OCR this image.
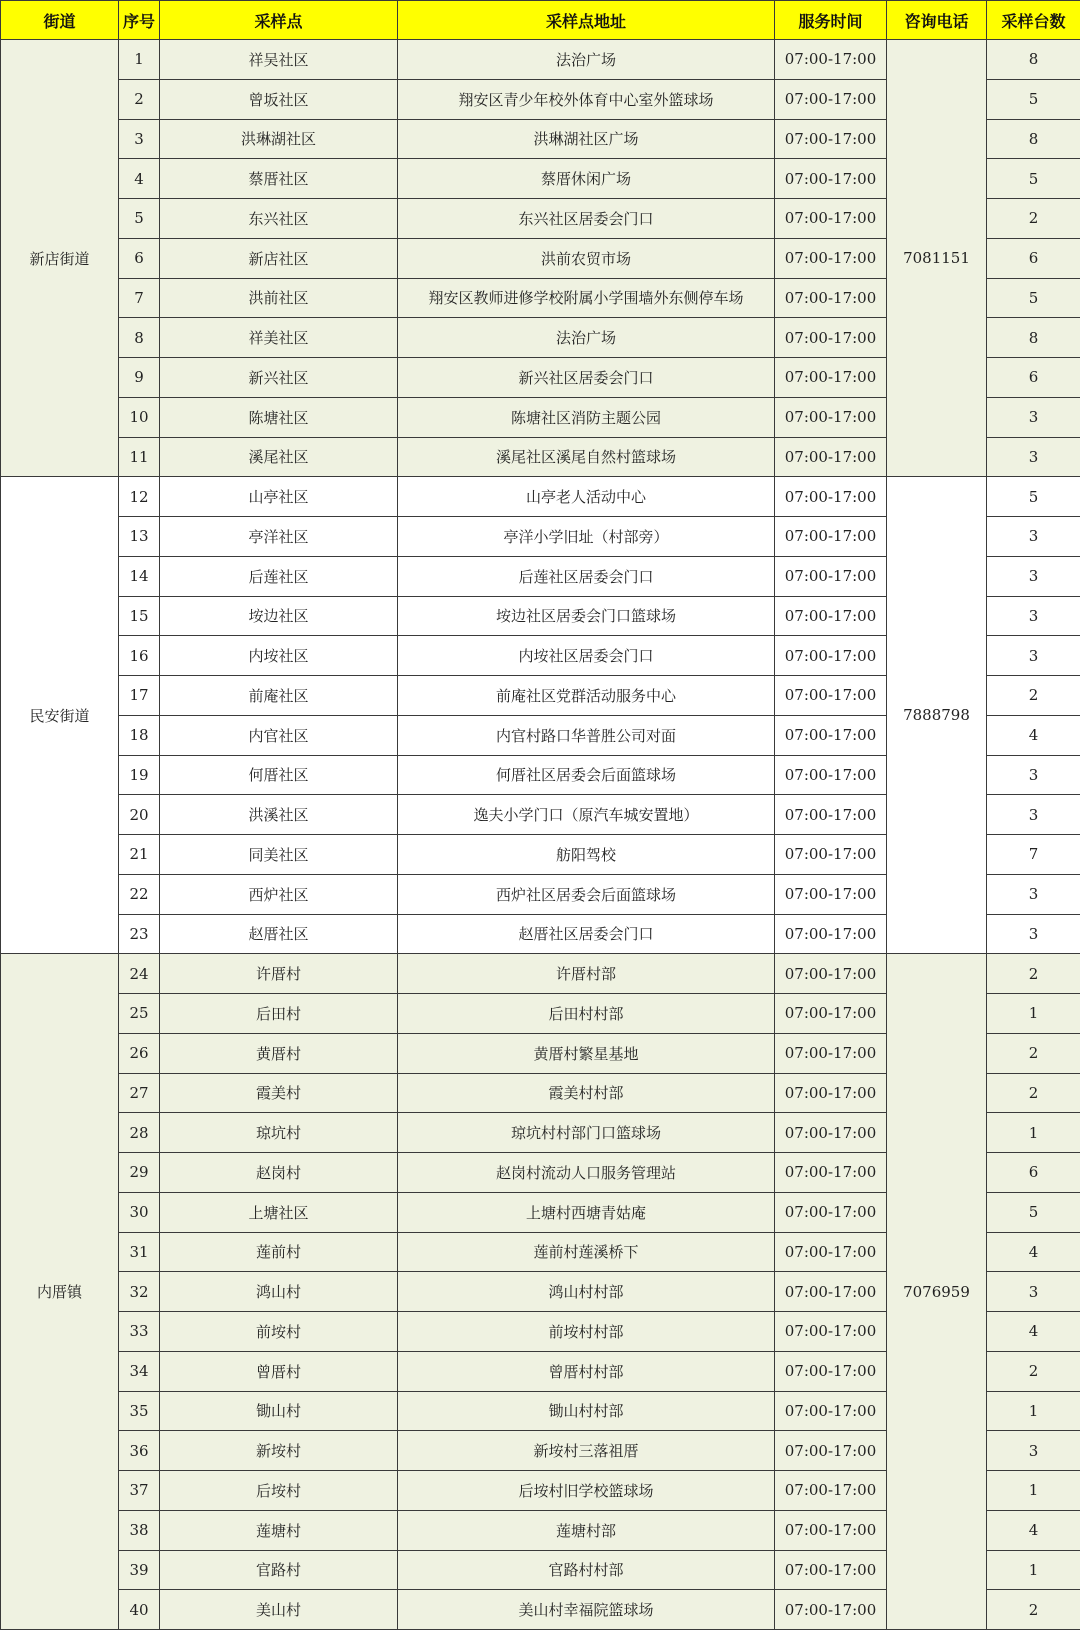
街道	序号	采样点	采样点地址	服务时间	咨询电话	采样台数
新店街道	1	祥吴社区	法治广场	07:00-17:00	7081151	8
	2	曾坂社区	翔安区青少年校外体育中心室外篮球场	07:00-17:00		5
	3	洪琳湖社区	洪琳湖社区广场	07:00-17:00		8
	4	蔡厝社区	蔡厝休闲广场	07:00-17:00		5
	5	东兴社区	东兴社区居委会门口	07:00-17:00		2
	6	新店社区	洪前农贸市场	07:00-17:00		6
	7	洪前社区	翔安区教师进修学校附属小学围墙外东侧停车场	07:00-17:00		5
	8	祥美社区	法治广场	07:00-17:00		8
	9	新兴社区	新兴社区居委会门口	07:00-17:00		6
	10	陈塘社区	陈塘社区消防主题公园	07:00-17:00		3
	11	溪尾社区	溪尾社区溪尾自然村篮球场	07:00-17:00		3
民安街道	12	山亭社区	山亭老人活动中心	07:00-17:00	7888798	5
	13	亭洋社区	亭洋小学旧址（村部旁）	07:00-17:00		3
	14	后莲社区	后莲社区居委会门口	07:00-17:00		3
	15	垵边社区	垵边社区居委会门口篮球场	07:00-17:00		3
	16	内垵社区	内垵社区居委会门口	07:00-17:00		3
	17	前庵社区	前庵社区党群活动服务中心	07:00-17:00		2
	18	内官社区	内官村路口华普胜公司对面	07:00-17:00		4
	19	何厝社区	何厝社区居委会后面篮球场	07:00-17:00		3
	20	洪溪社区	逸夫小学门口（原汽车城安置地）	07:00-17:00		3
	21	同美社区	舫阳驾校	07:00-17:00		7
	22	西炉社区	西炉社区居委会后面篮球场	07:00-17:00		3
	23	赵厝社区	赵厝社区居委会门口	07:00-17:00		3
内厝镇	24	许厝村	许厝村部	07:00-17:00	7076959	2
	25	后田村	后田村村部	07:00-17:00		1
	26	黄厝村	黄厝村繁星基地	07:00-17:00		2
	27	霞美村	霞美村村部	07:00-17:00		2
	28	琼坑村	琼坑村村部门口篮球场	07:00-17:00		1
	29	赵岗村	赵岗村流动人口服务管理站	07:00-17:00		6
	30	上塘社区	上塘村西塘青姑庵	07:00-17:00		5
	31	莲前村	莲前村莲溪桥下	07:00-17:00		4
	32	鸿山村	鸿山村村部	07:00-17:00		3
	33	前垵村	前垵村村部	07:00-17:00		4
	34	曾厝村	曾厝村村部	07:00-17:00		2
	35	锄山村	锄山村村部	07:00-17:00		1
	36	新垵村	新垵村三落祖厝	07:00-17:00		3
	37	后垵村	后垵村旧学校篮球场	07:00-17:00		1
	38	莲塘村	莲塘村部	07:00-17:00		4
	39	官路村	官路村村部	07:00-17:00		1
	40	美山村	美山村幸福院篮球场	07:00-17:00		2
